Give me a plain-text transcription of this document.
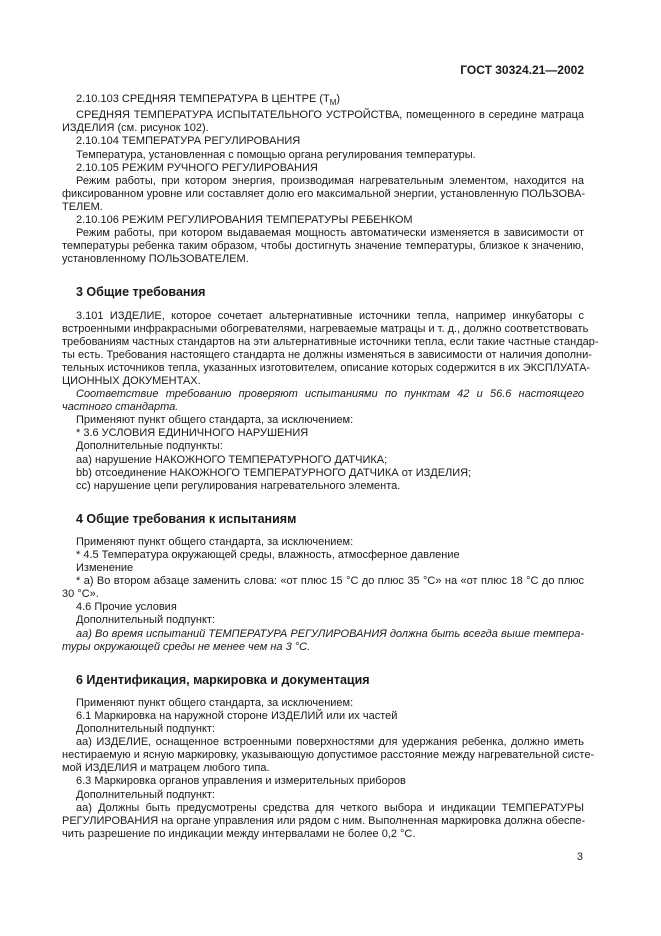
ГОСТ 30324.21—2002
2.10.103 СРЕДНЯЯ ТЕМПЕРАТУРА В ЦЕНТРЕ $(T_M)$
СРЕДНЯЯ ТЕМПЕРАТУРА ИСПЫТАТЕЛЬНОГО УСТРОЙСТВА, помещенного в середине матраца
ИЗДЕЛИЯ (см. рисунок 102).
2.10.104 ТЕМПЕРАТУРА РЕГУЛИРОВАНИЯ
Температура, установленная с помощью органа регулирования температуры.
2.10.105 РЕЖИМ РУЧНОГО РЕГУЛИРОВАНИЯ
Режим работы, при котором энергия, производимая нагревательным элементом, находится на
фиксированном уровне или составляет долю его максимальной энергии, установленную ПОЛЬЗОВА-
ТЕЛЕМ.
2.10.106 РЕЖИМ РЕГУЛИРОВАНИЯ ТЕМПЕРАТУРЫ РЕБЕНКОМ
Режим работы, при котором выдаваемая мощность автоматически изменяется в зависимости от
температуры ребенка таким образом, чтобы достигнуть значение температуры, близкое к значению,
установленному ПОЛЬЗОВАТЕЛЕМ.
3 Общие требования
3.101 ИЗДЕЛИЕ, которое сочетает альтернативные источники тепла, например инкубаторы с
встроенными инфракрасными обогревателями, нагреваемые матрацы и т. д., должно соответствовать
требованиям частных стандартов на эти альтернативные источники тепла, если такие частные стандар-
ты есть. Требования настоящего стандарта не должны изменяться в зависимости от наличия дополни-
тельных источников тепла, указанных изготовителем, описание которых содержится в их ЭКСПЛУАТА-
ЦИОННЫХ ДОКУМЕНТАХ.
Соответствие требованию проверяют испытаниями по пунктам 42 и 56.6 настоящего
частного стандарта.
Применяют пункт общего стандарта, за исключением:
* 3.6 УСЛОВИЯ ЕДИНИЧНОГО НАРУШЕНИЯ
Дополнительные подпункты:
aa) нарушение НАКОЖНОГО ТЕМПЕРАТУРНОГО ДАТЧИКА;
bb) отсоединение НАКОЖНОГО ТЕМПЕРАТУРНОГО ДАТЧИКА от ИЗДЕЛИЯ;
cc) нарушение цепи регулирования нагревательного элемента.
4 Общие требования к испытаниям
Применяют пункт общего стандарта, за исключением:
* 4.5 Температура окружающей среды, влажность, атмосферное давление
Изменение
* а) Во втором абзаце заменить слова: «от плюс 15 °С до плюс 35 °С» на «от плюс 18 °С до плюс
30 °С».
4.6 Прочие условия
Дополнительный подпункт:
аа) Во время испытаний ТЕМПЕРАТУРА РЕГУЛИРОВАНИЯ должна быть всегда выше темпера-
туры окружающей среды не менее чем на 3 °С.
6 Идентификация, маркировка и документация
Применяют пункт общего стандарта, за исключением:
6.1 Маркировка на наружной стороне ИЗДЕЛИЙ или их частей
Дополнительный подпункт:
аа) ИЗДЕЛИЕ, оснащенное встроенными поверхностями для удержания ребенка, должно иметь
нестираемую и ясную маркировку, указывающую допустимое расстояние между нагревательной систе-
мой ИЗДЕЛИЯ и матрацем любого типа.
6.3 Маркировка органов управления и измерительных приборов
Дополнительный подпункт:
аа) Должны быть предусмотрены средства для четкого выбора и индикации ТЕМПЕРАТУРЫ
РЕГУЛИРОВАНИЯ на органе управления или рядом с ним. Выполненная маркировка должна обеспе-
чить разрешение по индикации между интервалами не более 0,2 °С.
3
